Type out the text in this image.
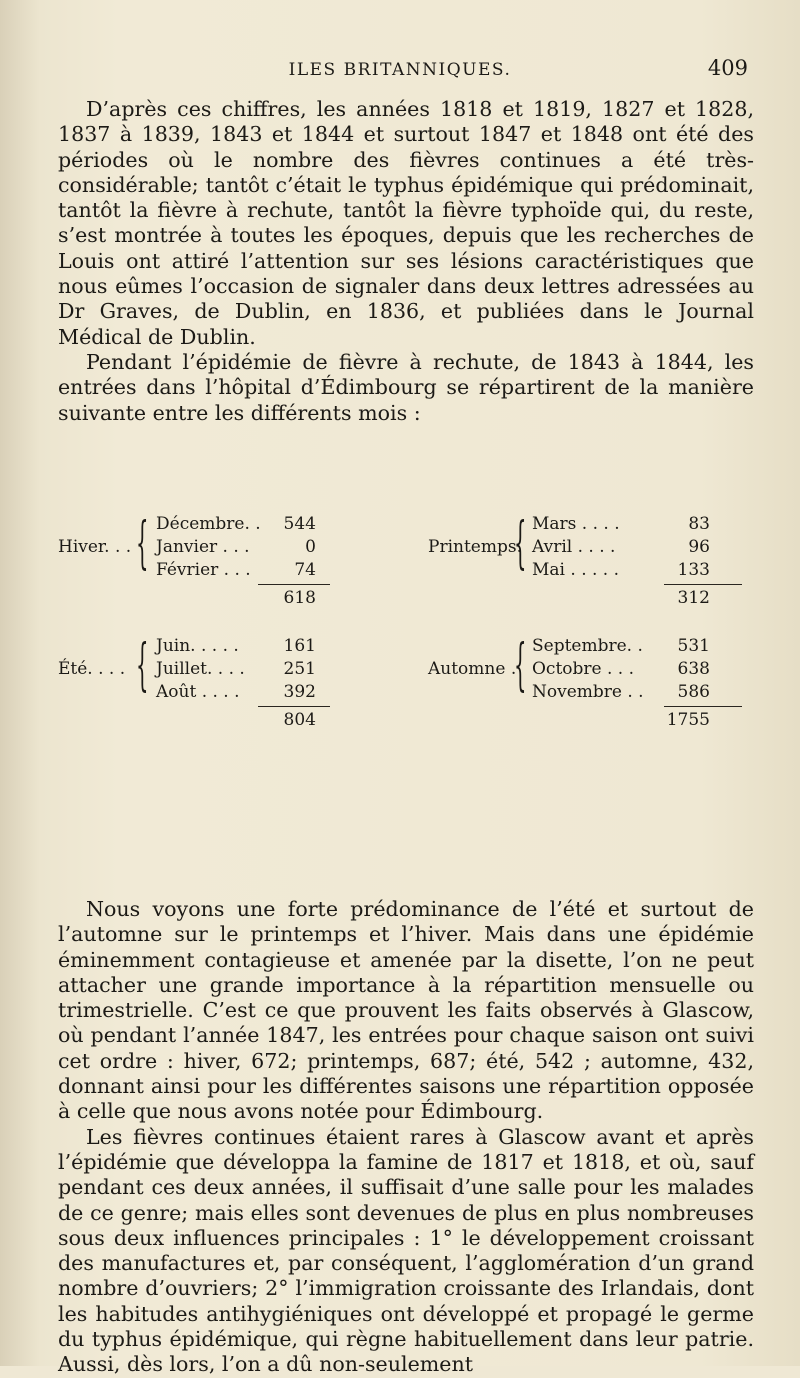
ILES BRITANNIQUES.	409

D’après ces chiffres, les années 1818 et 1819, 1827 et 1828, 1837 à 1839, 1843 et 1844 et surtout 1847 et 1848 ont été des périodes où le nombre des fièvres continues a été très-considérable; tantôt c’était le typhus épidémique qui prédominait, tantôt la fièvre à rechute, tantôt la fièvre typhoïde qui, du reste, s’est montrée à toutes les époques, depuis que les recherches de Louis ont attiré l’attention sur ses lésions caractéristiques que nous eûmes l’occasion de signaler dans deux lettres adressées au Dr Graves, de Dublin, en 1836, et publiées dans le Journal Médical de Dublin.

Pendant l’épidémie de fièvre à rechute, de 1843 à 1844, les entrées dans l’hôpital d’Édimbourg se répartirent de la manière suivante entre les différents mois :

Hiver. . . { Décembre. .	544
Janvier . . .	0
Février . . .	74
618
Printemps.
{ Mars . . . .	83
Avril . . . .	96
Mai . . . . .	133
312
Été. . . . { Juin. . . . .	161
Juillet. . . .	251
Août . . . .	392
804
Automne .
{ Septembre. .	531
Octobre . . .	638
Novembre . .	586
1755

Nous voyons une forte prédominance de l’été et surtout de l’automne sur le printemps et l’hiver. Mais dans une épidémie éminemment contagieuse et amenée par la disette, l’on ne peut attacher une grande importance à la répartition mensuelle ou trimestrielle. C’est ce que prouvent les faits observés à Glascow, où pendant l’année 1847, les entrées pour chaque saison ont suivi cet ordre : hiver, 672; printemps, 687; été, 542 ; automne, 432, donnant ainsi pour les différentes saisons une répartition opposée à celle que nous avons notée pour Édimbourg.

Les fièvres continues étaient rares à Glascow avant et après l’épidémie que développa la famine de 1817 et 1818, et où, sauf pendant ces deux années, il suffisait d’une salle pour les malades de ce genre; mais elles sont devenues de plus en plus nombreuses sous deux influences principales : 1° le développement croissant des manufactures et, par conséquent, l’agglomération d’un grand nombre d’ouvriers; 2° l’immigration croissante des Irlandais, dont les habitudes antihygiéniques ont développé et propagé le germe du typhus épidémique, qui règne habituellement dans leur patrie. Aussi, dès lors, l’on a dû non-seulement
